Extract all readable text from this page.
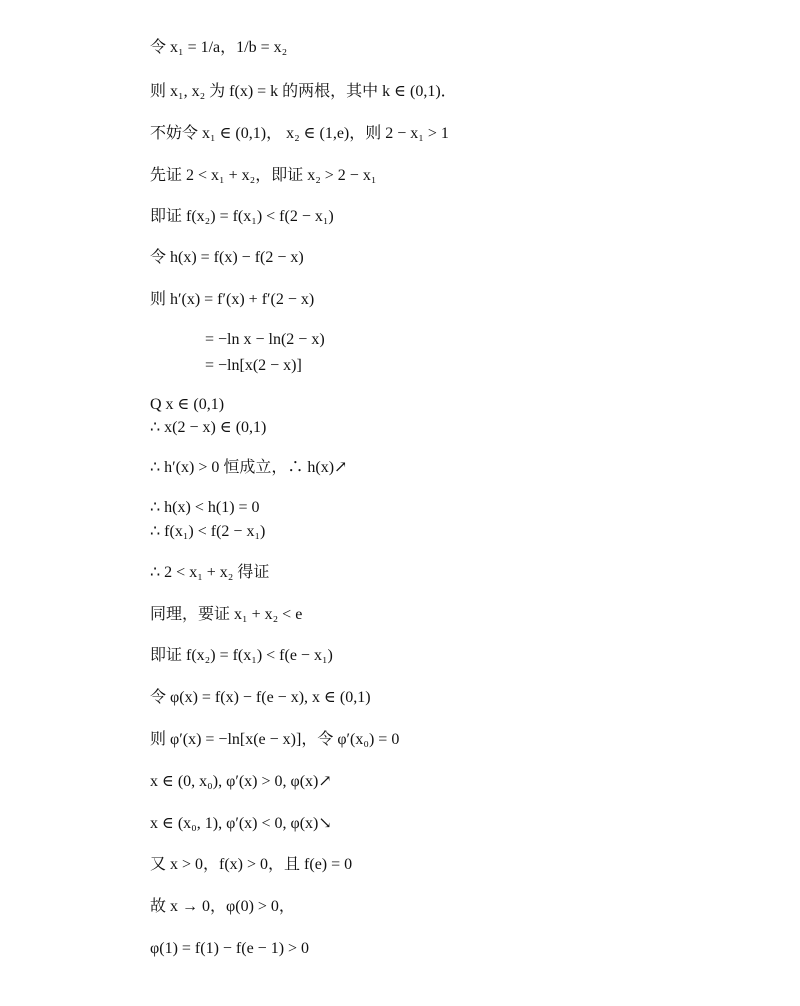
令 x₁ = 1/a，1/b = x₂
则 x₁, x₂ 为 f(x) = k 的两根，其中 k ∈ (0,1)．
不妨令 x₁ ∈ (0,1)， x₂ ∈ (1,e)，则 2 − x₁ > 1
先证 2 < x₁ + x₂，即证 x₂ > 2 − x₁
即证 f(x₂) = f(x₁) < f(2 − x₁)
令 h(x) = f(x) − f(2 − x)
则 h′(x) = f′(x) + f′(2 − x)
= −ln x − ln(2 − x)
= −ln[x(2 − x)]
Q x ∈ (0,1)
∴ x(2 − x) ∈ (0,1)
∴ h′(x) > 0 恒成立，∴ h(x)↗
∴ h(x) < h(1) = 0
∴ f(x₁) < f(2 − x₁)
∴ 2 < x₁ + x₂ 得证
同理，要证 x₁ + x₂ < e
即证 f(x₂) = f(x₁) < f(e − x₁)
令 φ(x) = f(x) − f(e − x), x ∈ (0,1)
则 φ′(x) = −ln[x(e − x)]，令 φ′(x₀) = 0
x ∈ (0, x₀), φ′(x) > 0, φ(x)↗
x ∈ (x₀, 1), φ′(x) < 0, φ(x)↘
又 x > 0，f(x) > 0，且 f(e) = 0
故 x → 0，φ(0) > 0，
φ(1) = f(1) − f(e − 1) > 0
